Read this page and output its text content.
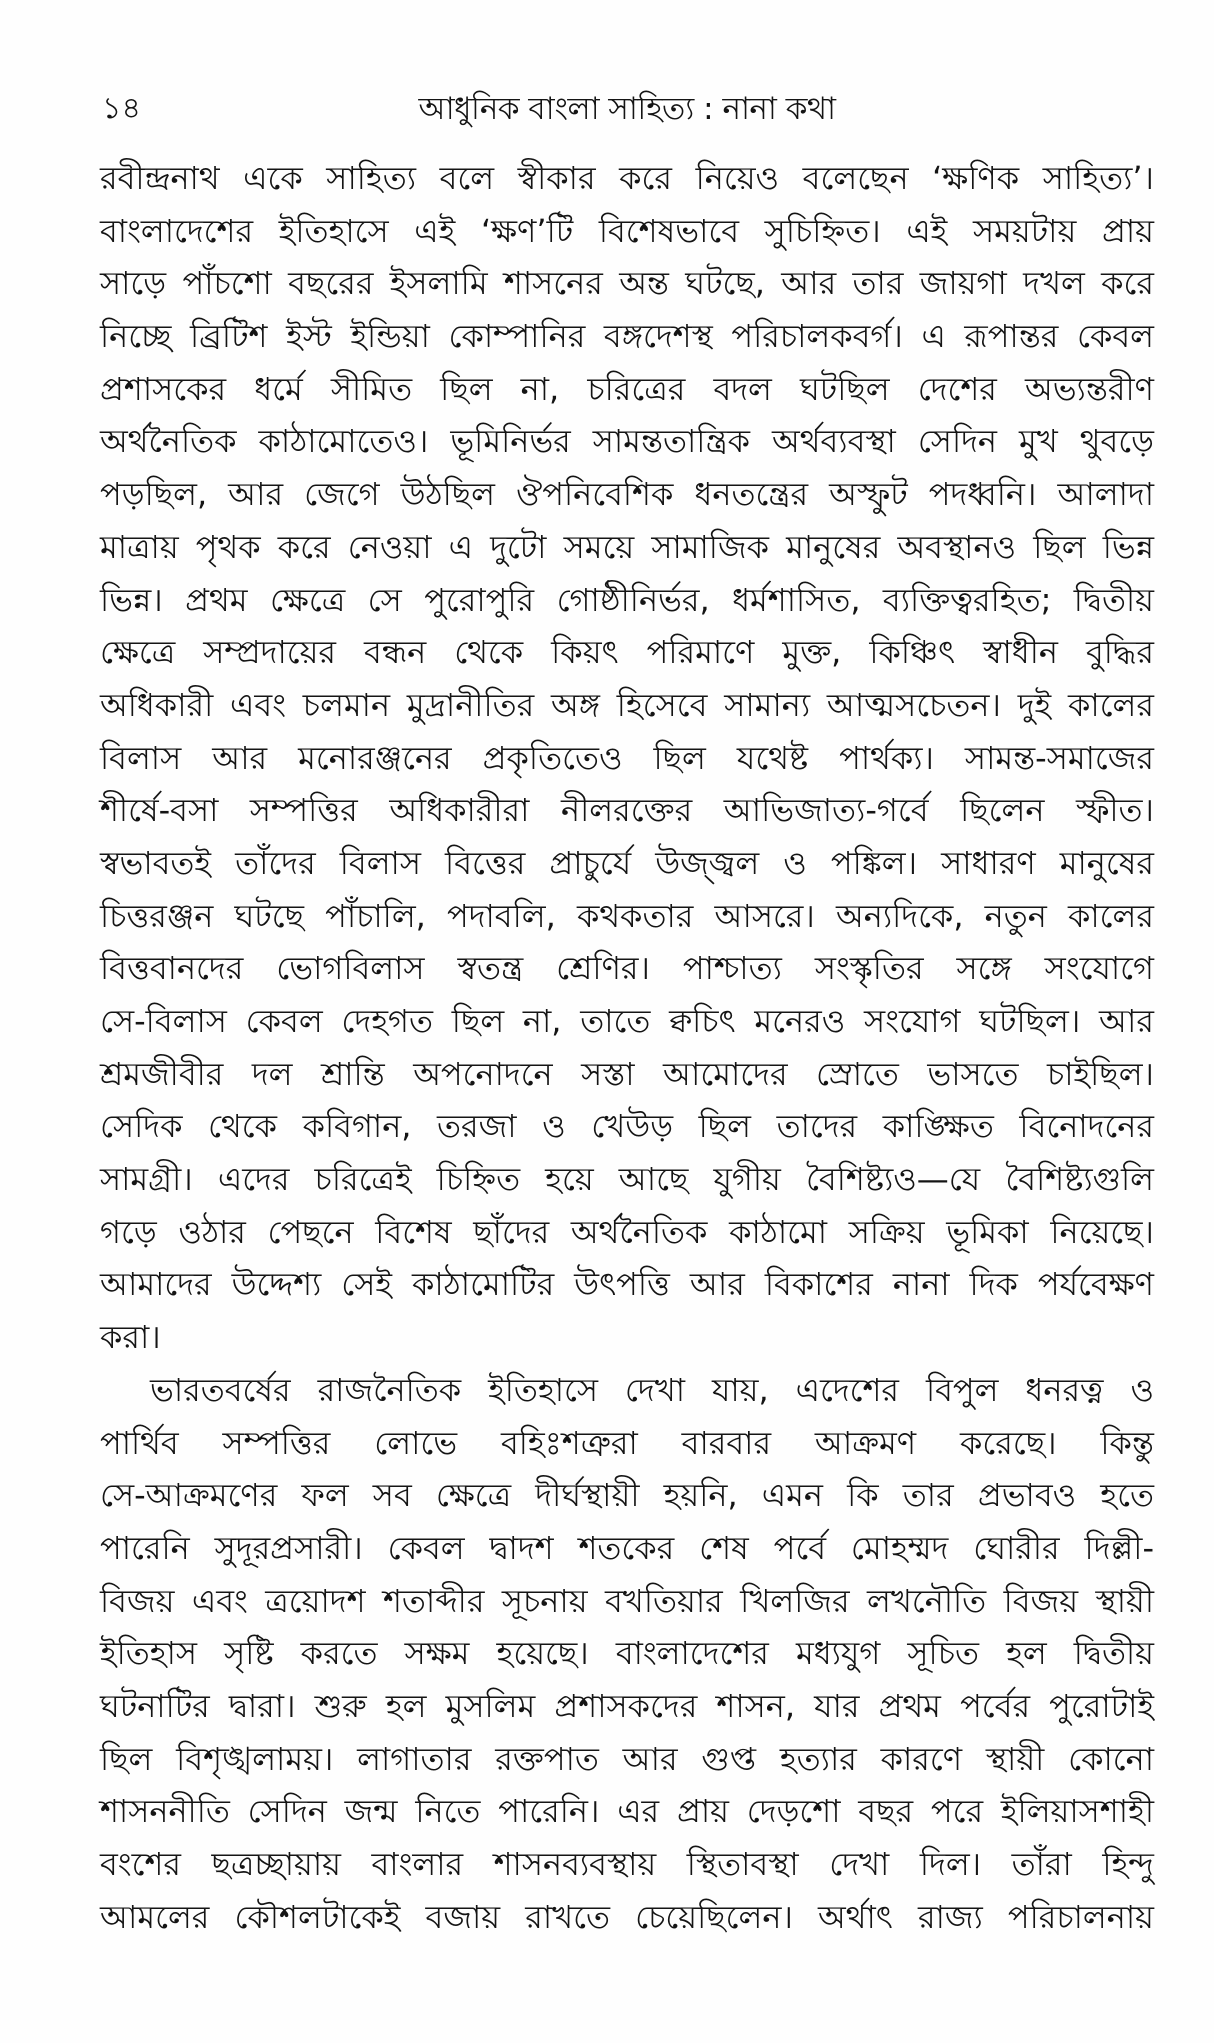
১৪	আধুনিক বাংলা সাহিত্য : নানা কথা
রবীন্দ্রনাথ একে সাহিত্য বলে স্বীকার করে নিয়েও বলেছেন ‘ক্ষণিক সাহিত্য’।
বাংলাদেশের ইতিহাসে এই ‘ক্ষণ’টি বিশেষভাবে সুচিহ্নিত। এই সময়টায় প্রায়
সাড়ে পাঁচশো বছরের ইসলামি শাসনের অন্ত ঘটছে, আর তার জায়গা দখল করে
নিচ্ছে ব্রিটিশ ইস্ট ইন্ডিয়া কোম্পানির বঙ্গদেশস্থ পরিচালকবর্গ। এ রূপান্তর কেবল
প্রশাসকের ধর্মে সীমিত ছিল না, চরিত্রের বদল ঘটছিল দেশের অভ্যন্তরীণ
অর্থনৈতিক কাঠামোতেও। ভূমিনির্ভর সামন্ততান্ত্রিক অর্থব্যবস্থা সেদিন মুখ থুবড়ে
পড়ছিল, আর জেগে উঠছিল ঔপনিবেশিক ধনতন্ত্রের অস্ফুট পদধ্বনি। আলাদা
মাত্রায় পৃথক করে নেওয়া এ দুটো সময়ে সামাজিক মানুষের অবস্থানও ছিল ভিন্ন
ভিন্ন। প্রথম ক্ষেত্রে সে পুরোপুরি গোষ্ঠীনির্ভর, ধর্মশাসিত, ব্যক্তিত্বরহিত; দ্বিতীয়
ক্ষেত্রে সম্প্রদায়ের বন্ধন থেকে কিয়ৎ পরিমাণে মুক্ত, কিঞ্চিৎ স্বাধীন বুদ্ধির
অধিকারী এবং চলমান মুদ্রানীতির অঙ্গ হিসেবে সামান্য আত্মসচেতন। দুই কালের
বিলাস আর মনোরঞ্জনের প্রকৃতিতেও ছিল যথেষ্ট পার্থক্য। সামন্ত-সমাজের
শীর্ষে-বসা সম্পত্তির অধিকারীরা নীলরক্তের আভিজাত্য-গর্বে ছিলেন স্ফীত।
স্বভাবতই তাঁদের বিলাস বিত্তের প্রাচুর্যে উজ্জ্বল ও পঙ্কিল। সাধারণ মানুষের
চিত্তরঞ্জন ঘটছে পাঁচালি, পদাবলি, কথকতার আসরে। অন্যদিকে, নতুন কালের
বিত্তবানদের ভোগবিলাস স্বতন্ত্র শ্রেণির। পাশ্চাত্য সংস্কৃতির সঙ্গে সংযোগে
সে-বিলাস কেবল দেহগত ছিল না, তাতে ক্বচিৎ মনেরও সংযোগ ঘটছিল। আর
শ্রমজীবীর দল শ্রান্তি অপনোদনে সস্তা আমোদের স্রোতে ভাসতে চাইছিল।
সেদিক থেকে কবিগান, তরজা ও খেউড় ছিল তাদের কাঙ্ক্ষিত বিনোদনের
সামগ্রী। এদের চরিত্রেই চিহ্নিত হয়ে আছে যুগীয় বৈশিষ্ট্যও—যে বৈশিষ্ট্যগুলি
গড়ে ওঠার পেছনে বিশেষ ছাঁদের অর্থনৈতিক কাঠামো সক্রিয় ভূমিকা নিয়েছে।
আমাদের উদ্দেশ্য সেই কাঠামোটির উৎপত্তি আর বিকাশের নানা দিক পর্যবেক্ষণ
করা।
ভারতবর্ষের রাজনৈতিক ইতিহাসে দেখা যায়, এদেশের বিপুল ধনরত্ন ও
পার্থিব সম্পত্তির লোভে বহিঃশত্রুরা বারবার আক্রমণ করেছে। কিন্তু
সে-আক্রমণের ফল সব ক্ষেত্রে দীর্ঘস্থায়ী হয়নি, এমন কি তার প্রভাবও হতে
পারেনি সুদূরপ্রসারী। কেবল দ্বাদশ শতকের শেষ পর্বে মোহম্মদ ঘোরীর দিল্লী-
বিজয় এবং ত্রয়োদশ শতাব্দীর সূচনায় বখতিয়ার খিলজির লখনৌতি বিজয় স্থায়ী
ইতিহাস সৃষ্টি করতে সক্ষম হয়েছে। বাংলাদেশের মধ্যযুগ সূচিত হল দ্বিতীয়
ঘটনাটির দ্বারা। শুরু হল মুসলিম প্রশাসকদের শাসন, যার প্রথম পর্বের পুরোটাই
ছিল বিশৃঙ্খলাময়। লাগাতার রক্তপাত আর গুপ্ত হত্যার কারণে স্থায়ী কোনো
শাসননীতি সেদিন জন্ম নিতে পারেনি। এর প্রায় দেড়শো বছর পরে ইলিয়াসশাহী
বংশের ছত্রচ্ছায়ায় বাংলার শাসনব্যবস্থায় স্থিতাবস্থা দেখা দিল। তাঁরা হিন্দু
আমলের কৌশলটাকেই বজায় রাখতে চেয়েছিলেন। অর্থাৎ রাজ্য পরিচালনায়
